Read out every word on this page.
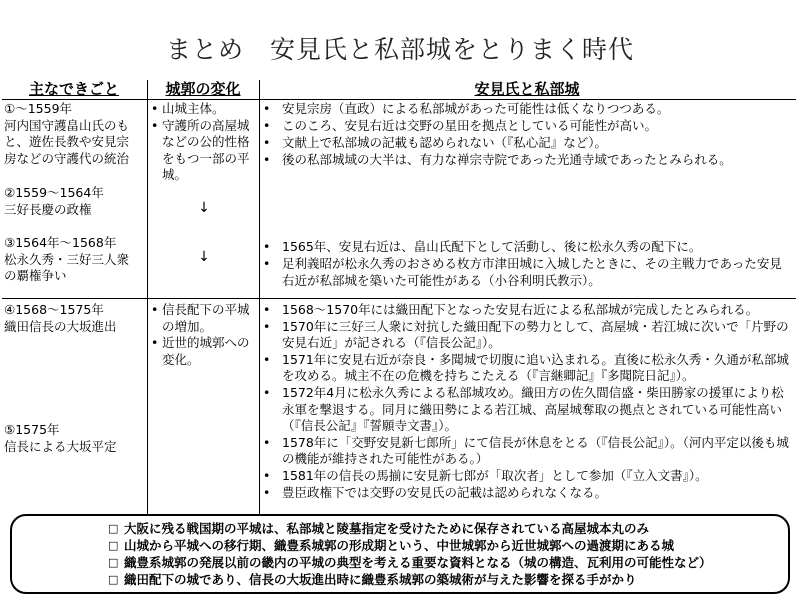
まとめ　安見氏と私部城をとりまく時代
主なできごと	城郭の変化	安見氏と私部城
①～1559年
河内国守護畠山氏のも
と、遊佐長教や安見宗
房などの守護代の統治
②1559～1564年
三好長慶の政権
③1564年～1568年
松永久秀・三好三人衆
の覇権争い
④1568～1575年
織田信長の大坂進出
⑤1575年
信長による大坂平定
• 山城主体。
• 守護所の高屋城などの公的性格をもつ一部の平城。
↓
↓
• 信長配下の平城の増加。
• 近世的城郭への変化。
• 安見宗房（直政）による私部城があった可能性は低くなりつつある。
• このころ、安見右近は交野の星田を拠点としている可能性が高い。
• 文献上で私部城の記載も認められない（『私心記』など）。
• 後の私部城域の大半は、有力な禅宗寺院であった光通寺域であったとみられる。
• 1565年、安見右近は、畠山氏配下として活動し、後に松永久秀の配下に。
• 足利義昭が松永久秀のおさめる枚方市津田城に入城したときに、その主戦力であった安見右近が私部城を築いた可能性がある（小谷利明氏教示）。
• 1568～1570年には織田配下となった安見右近による私部城が完成したとみられる。
• 1570年に三好三人衆に対抗した織田配下の勢力として、高屋城・若江城に次いで「片野の安見右近」が記される（『信長公記』）。
• 1571年に安見右近が奈良・多聞城で切腹に追い込まれる。直後に松永久秀・久通が私部城を攻める。城主不在の危機を持ちこたえる（『言継卿記』『多聞院日記』）。
• 1572年4月に松永久秀による私部城攻め。織田方の佐久間信盛・柴田勝家の援軍により松永軍を撃退する。同月に織田勢による若江城、高屋城奪取の拠点とされている可能性高い（『信長公記』『誓願寺文書』）。
• 1578年に「交野安見新七郎所」にて信長が休息をとる（『信長公記』）。（河内平定以後も城の機能が維持された可能性がある。）
• 1581年の信長の馬揃に安見新七郎が「取次者」として参加（『立入文書』）。
• 豊臣政権下では交野の安見氏の記載は認められなくなる。
□ 大阪に残る戦国期の平城は、私部城と陵墓指定を受けたために保存されている高屋城本丸のみ
□ 山城から平城への移行期、織豊系城郭の形成期という、中世城郭から近世城郭への過渡期にある城
□ 織豊系城郭の発展以前の畿内の平城の典型を考える重要な資料となる（城の構造、瓦利用の可能性など）
□ 織田配下の城であり、信長の大坂進出時に織豊系城郭の築城術が与えた影響を探る手がかり
